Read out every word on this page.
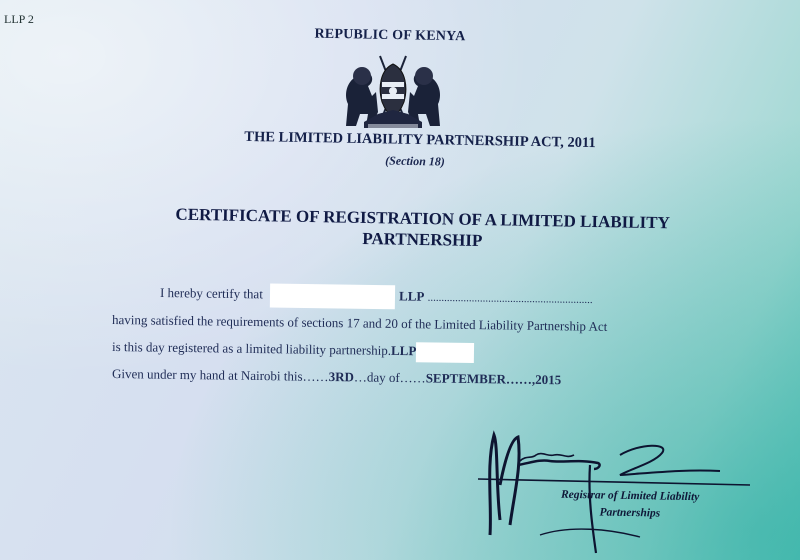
LLP 2
REPUBLIC OF KENYA
THE LIMITED LIABILITY PARTNERSHIP ACT, 2011
(Section 18)
CERTIFICATE OF REGISTRATION OF A LIMITED LIABILITY
PARTNERSHIP
I hereby certify that	LLP ............................................................
having satisfied the requirements of sections 17 and 20 of the Limited Liability Partnership Act
is this day registered as a limited liability partnership.LLP
Given under my hand at Nairobi this……3RD…day of……SEPTEMBER……,2015
Registrar of Limited Liability
Partnerships
